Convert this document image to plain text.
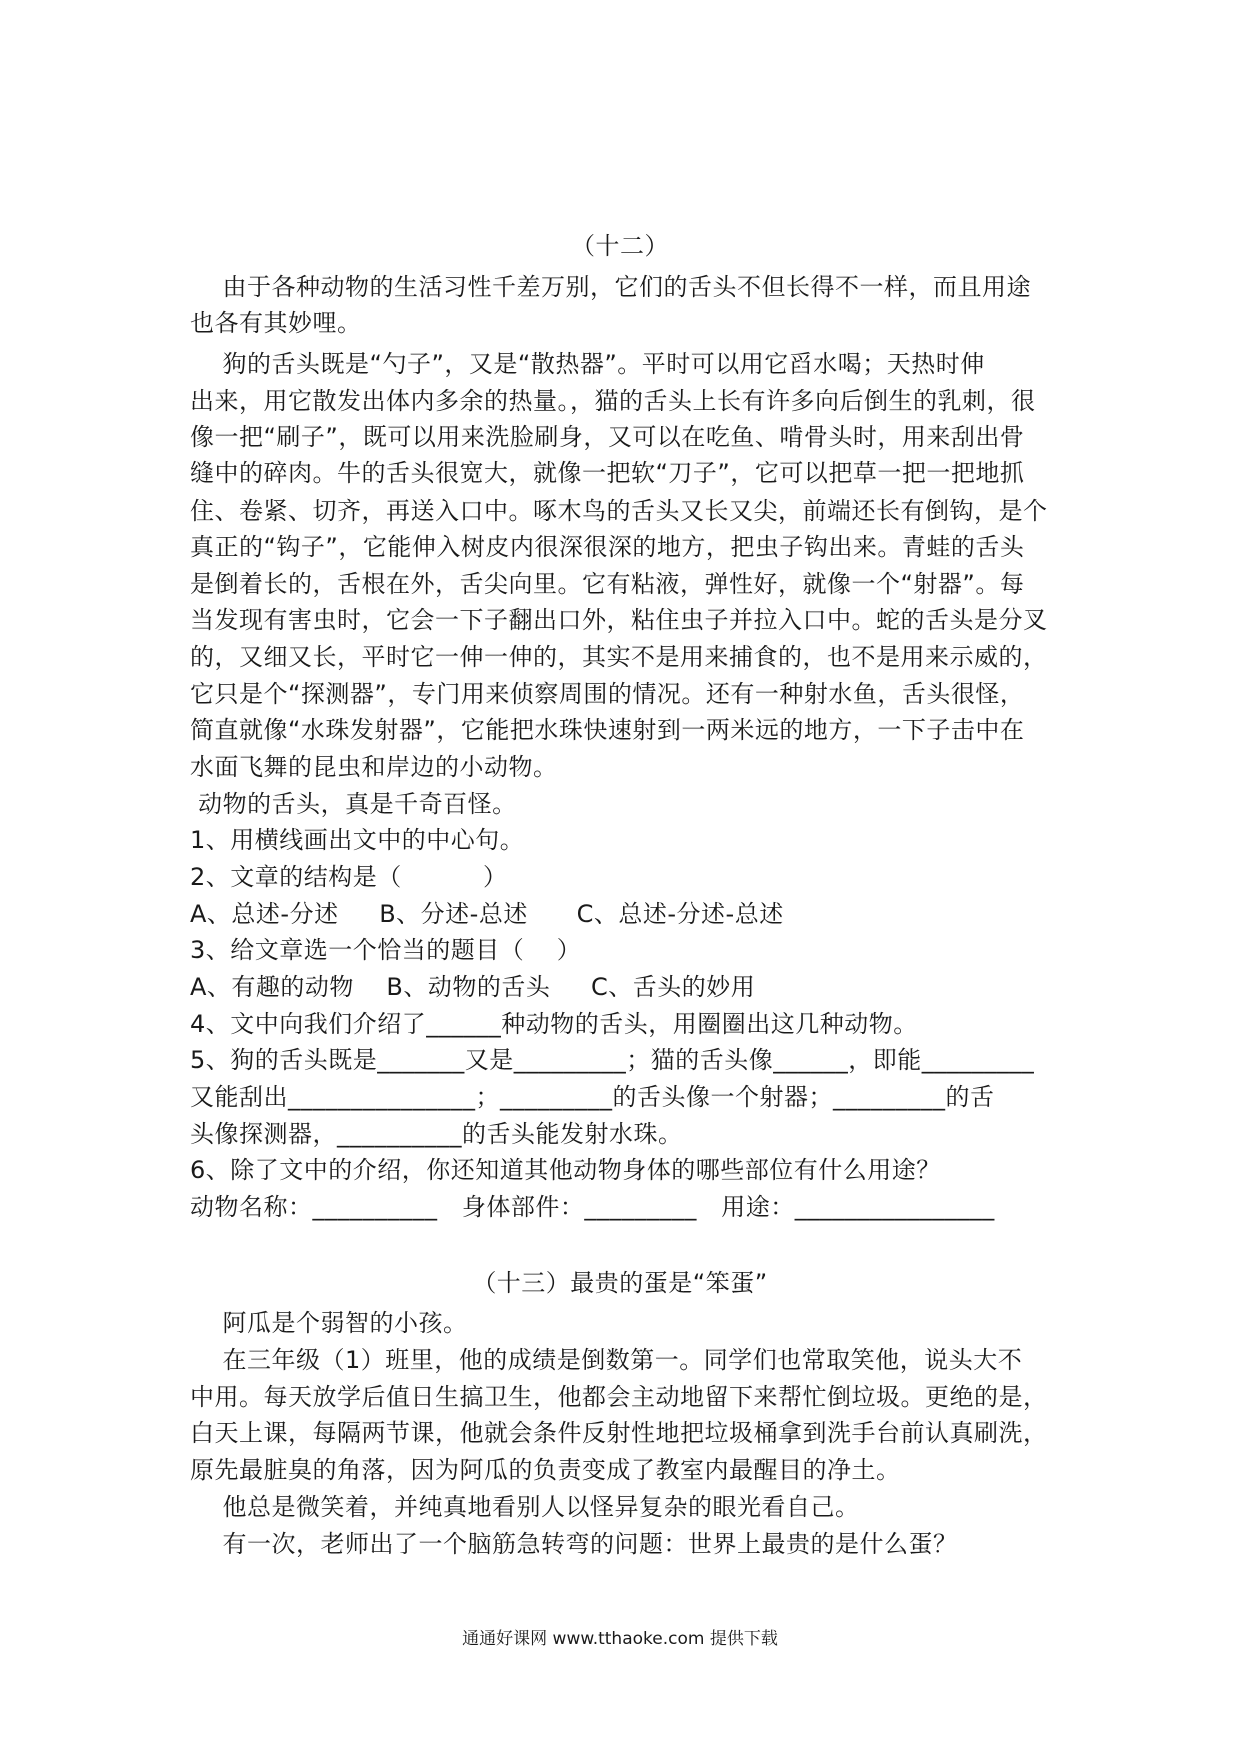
（十二）
由于各种动物的生活习性千差万别，它们的舌头不但长得不一样，而且用途
也各有其妙哩。
狗的舌头既是“勺子”，又是“散热器”。平时可以用它舀水喝；天热时伸
出来，用它散发出体内多余的热量。，猫的舌头上长有许多向后倒生的乳刺，很
像一把“刷子”，既可以用来洗脸刷身，又可以在吃鱼、啃骨头时，用来刮出骨
缝中的碎肉。牛的舌头很宽大，就像一把软“刀子”，它可以把草一把一把地抓
住、卷紧、切齐，再送入口中。啄木鸟的舌头又长又尖，前端还长有倒钩，是个
真正的“钩子”，它能伸入树皮内很深很深的地方，把虫子钩出来。青蛙的舌头
是倒着长的，舌根在外，舌尖向里。它有粘液，弹性好，就像一个“射器”。每
当发现有害虫时，它会一下子翻出口外，粘住虫子并拉入口中。蛇的舌头是分叉
的，又细又长，平时它一伸一伸的，其实不是用来捕食的，也不是用来示威的，
它只是个“探测器”，专门用来侦察周围的情况。还有一种射水鱼，舌头很怪，
简直就像“水珠发射器”，它能把水珠快速射到一两米远的地方，一下子击中在
水面飞舞的昆虫和岸边的小动物。
动物的舌头，真是千奇百怪。
1、用横线画出文中的中心句。
2、文章的结构是（          ）
A、总述-分述     B、分述-总述      C、总述-分述-总述
3、给文章选一个恰当的题目（    ）
A、有趣的动物    B、动物的舌头     C、舌头的妙用
4、文中向我们介绍了______种动物的舌头，用圈圈出这几种动物。
5、狗的舌头既是_______又是_________；猫的舌头像______，即能_________
又能刮出_______________；_________的舌头像一个射器；_________的舌
头像探测器，__________的舌头能发射水珠。
6、除了文中的介绍，你还知道其他动物身体的哪些部位有什么用途？
动物名称：__________   身体部件：_________   用途：________________
（十三）最贵的蛋是“笨蛋”
阿瓜是个弱智的小孩。
在三年级（1）班里，他的成绩是倒数第一。同学们也常取笑他，说头大不
中用。每天放学后值日生搞卫生，他都会主动地留下来帮忙倒垃圾。更绝的是，
白天上课，每隔两节课，他就会条件反射性地把垃圾桶拿到洗手台前认真刷洗，
原先最脏臭的角落，因为阿瓜的负责变成了教室内最醒目的净土。
他总是微笑着，并纯真地看别人以怪异复杂的眼光看自己。
有一次，老师出了一个脑筋急转弯的问题：世界上最贵的是什么蛋？
通通好课网 www.tthaoke.com 提供下载
